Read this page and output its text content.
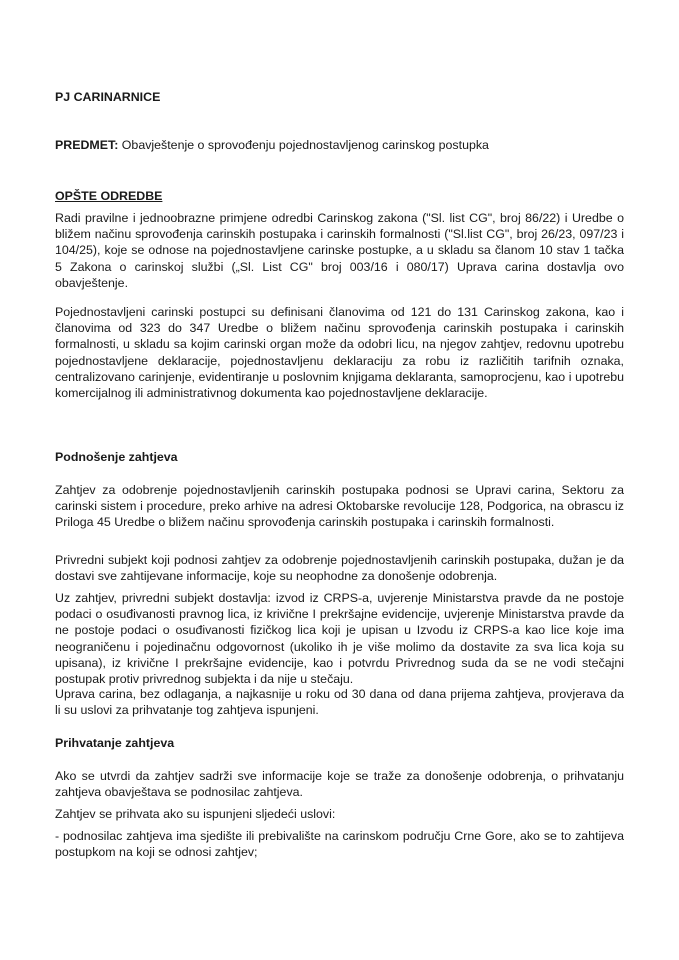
PJ CARINARNICE
PREDMET: Obavještenje o sprovođenju pojednostavljenog carinskog postupka
OPŠTE ODREDBE

Radi pravilne i jednoobrazne primjene odredbi Carinskog zakona ("Sl. list CG", broj 86/22) i Uredbe o bližem načinu sprovođenja carinskih postupaka i carinskih formalnosti ("Sl.list CG", broj 26/23, 097/23 i 104/25), koje se odnose na pojednostavljene carinske postupke, a u skladu sa članom 10 stav 1 tačka 5 Zakona o carinskoj službi („Sl. List CG" broj 003/16 i 080/17) Uprava carina dostavlja ovo obavještenje.

Pojednostavljeni carinski postupci su definisani članovima od 121 do 131 Carinskog zakona, kao i članovima od 323 do 347 Uredbe o bližem načinu sprovođenja carinskih postupaka i carinskih formalnosti, u skladu sa kojim carinski organ može da odobri licu, na njegov zahtjev, redovnu upotrebu pojednostavljene deklaracije, pojednostavljenu deklaraciju za robu iz različitih tarifnih oznaka, centralizovano carinjenje, evidentiranje u poslovnim knjigama deklaranta, samoprocjenu, kao i upotrebu komercijalnog ili administrativnog dokumenta kao pojednostavljene deklaracije.

Podnošenje zahtjeva

Zahtjev za odobrenje pojednostavljenih carinskih postupaka podnosi se Upravi carina, Sektoru za carinski sistem i procedure, preko arhive na adresi Oktobarske revolucije 128, Podgorica, na obrascu iz Priloga 45 Uredbe o bližem načinu sprovođenja carinskih postupaka i carinskih formalnosti.

Privredni subjekt koji podnosi zahtjev za odobrenje pojednostavljenih carinskih postupaka, dužan je da dostavi sve zahtijevane informacije, koje su neophodne za donošenje odobrenja.

Uz zahtjev, privredni subjekt dostavlja: izvod iz CRPS-a, uvjerenje Ministarstva pravde da ne postoje podaci o osuđivanosti pravnog lica, iz krivične I prekršajne evidencije, uvjerenje Ministarstva pravde da ne postoje podaci o osuđivanosti fizičkog lica koji je upisan u Izvodu iz CRPS-a kao lice koje ima neograničenu i pojedinačnu odgovornost (ukoliko ih je više molimo da dostavite za sva lica koja su upisana), iz krivične I prekršajne evidencije, kao i potvrdu Privrednog suda da se ne vodi stečajni postupak protiv privrednog subjekta i da nije u stečaju.

Uprava carina, bez odlaganja, a najkasnije u roku od 30 dana od dana prijema zahtjeva, provjerava da li su uslovi za prihvatanje tog zahtjeva ispunjeni.

Prihvatanje zahtjeva

Ako se utvrdi da zahtjev sadrži sve informacije koje se traže za donošenje odobrenja, o prihvatanju zahtjeva obavještava se podnosilac zahtjeva.

Zahtjev se prihvata ako su ispunjeni sljedeći uslovi:

- podnosilac zahtjeva ima sjedište ili prebivalište na carinskom području Crne Gore, ako se to zahtijeva postupkom na koji se odnosi zahtjev;
